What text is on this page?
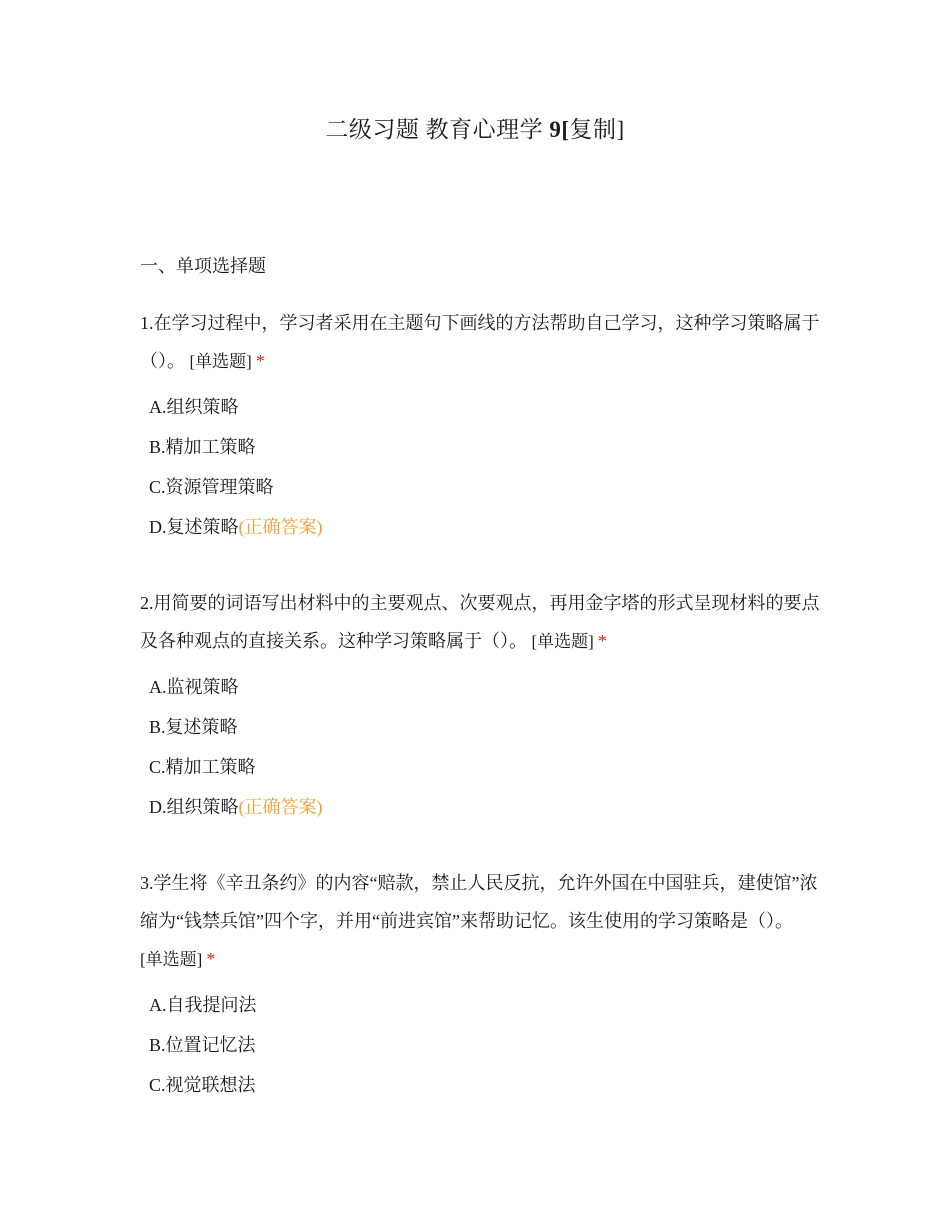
二级习题 教育心理学 9[复制]
一、单项选择题

1.在学习过程中，学习者采用在主题句下画线的方法帮助自己学习，这种学习策略属于（）。 [单选题] *

A.组织策略
B.精加工策略
C.资源管理策略
D.复述策略(正确答案)

2.用简要的词语写出材料中的主要观点、次要观点，再用金字塔的形式呈现材料的要点及各种观点的直接关系。这种学习策略属于（）。 [单选题] *

A.监视策略
B.复述策略
C.精加工策略
D.组织策略(正确答案)

3.学生将《辛丑条约》的内容“赔款，禁止人民反抗，允许外国在中国驻兵，建使馆”浓缩为“钱禁兵馆”四个字，并用“前进宾馆”来帮助记忆。该生使用的学习策略是（）。 [单选题] *

A.自我提问法
B.位置记忆法
C.视觉联想法
